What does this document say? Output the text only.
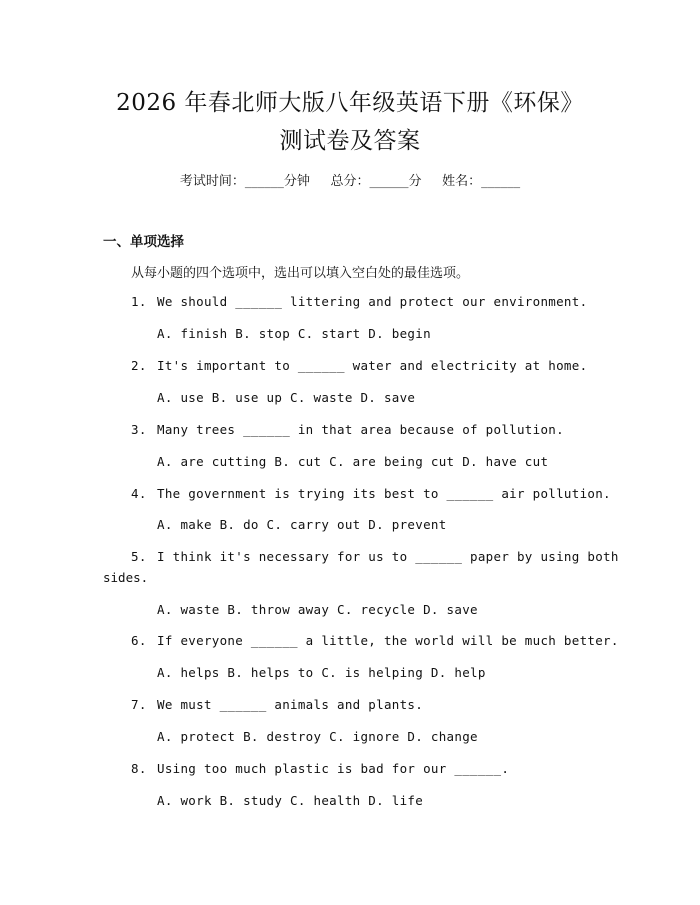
2026 年春北师大版八年级英语下册《环保》
测试卷及答案
考试时间：______分钟     总分：______分     姓名：______
一、单项选择
从每小题的四个选项中，选出可以填入空白处的最佳选项。
1. We should ______ littering and protect our environment.
A. finish B. stop C. start D. begin
2. It's important to ______ water and electricity at home.
A. use B. use up C. waste D. save
3. Many trees ______ in that area because of pollution.
A. are cutting B. cut C. are being cut D. have cut
4. The government is trying its best to ______ air pollution.
A. make B. do C. carry out D. prevent
5. I think it's necessary for us to ______ paper by using both
sides.
A. waste B. throw away C. recycle D. save
6. If everyone ______ a little, the world will be much better.
A. helps B. helps to C. is helping D. help
7. We must ______ animals and plants.
A. protect B. destroy C. ignore D. change
8. Using too much plastic is bad for our ______.
A. work B. study C. health D. life
